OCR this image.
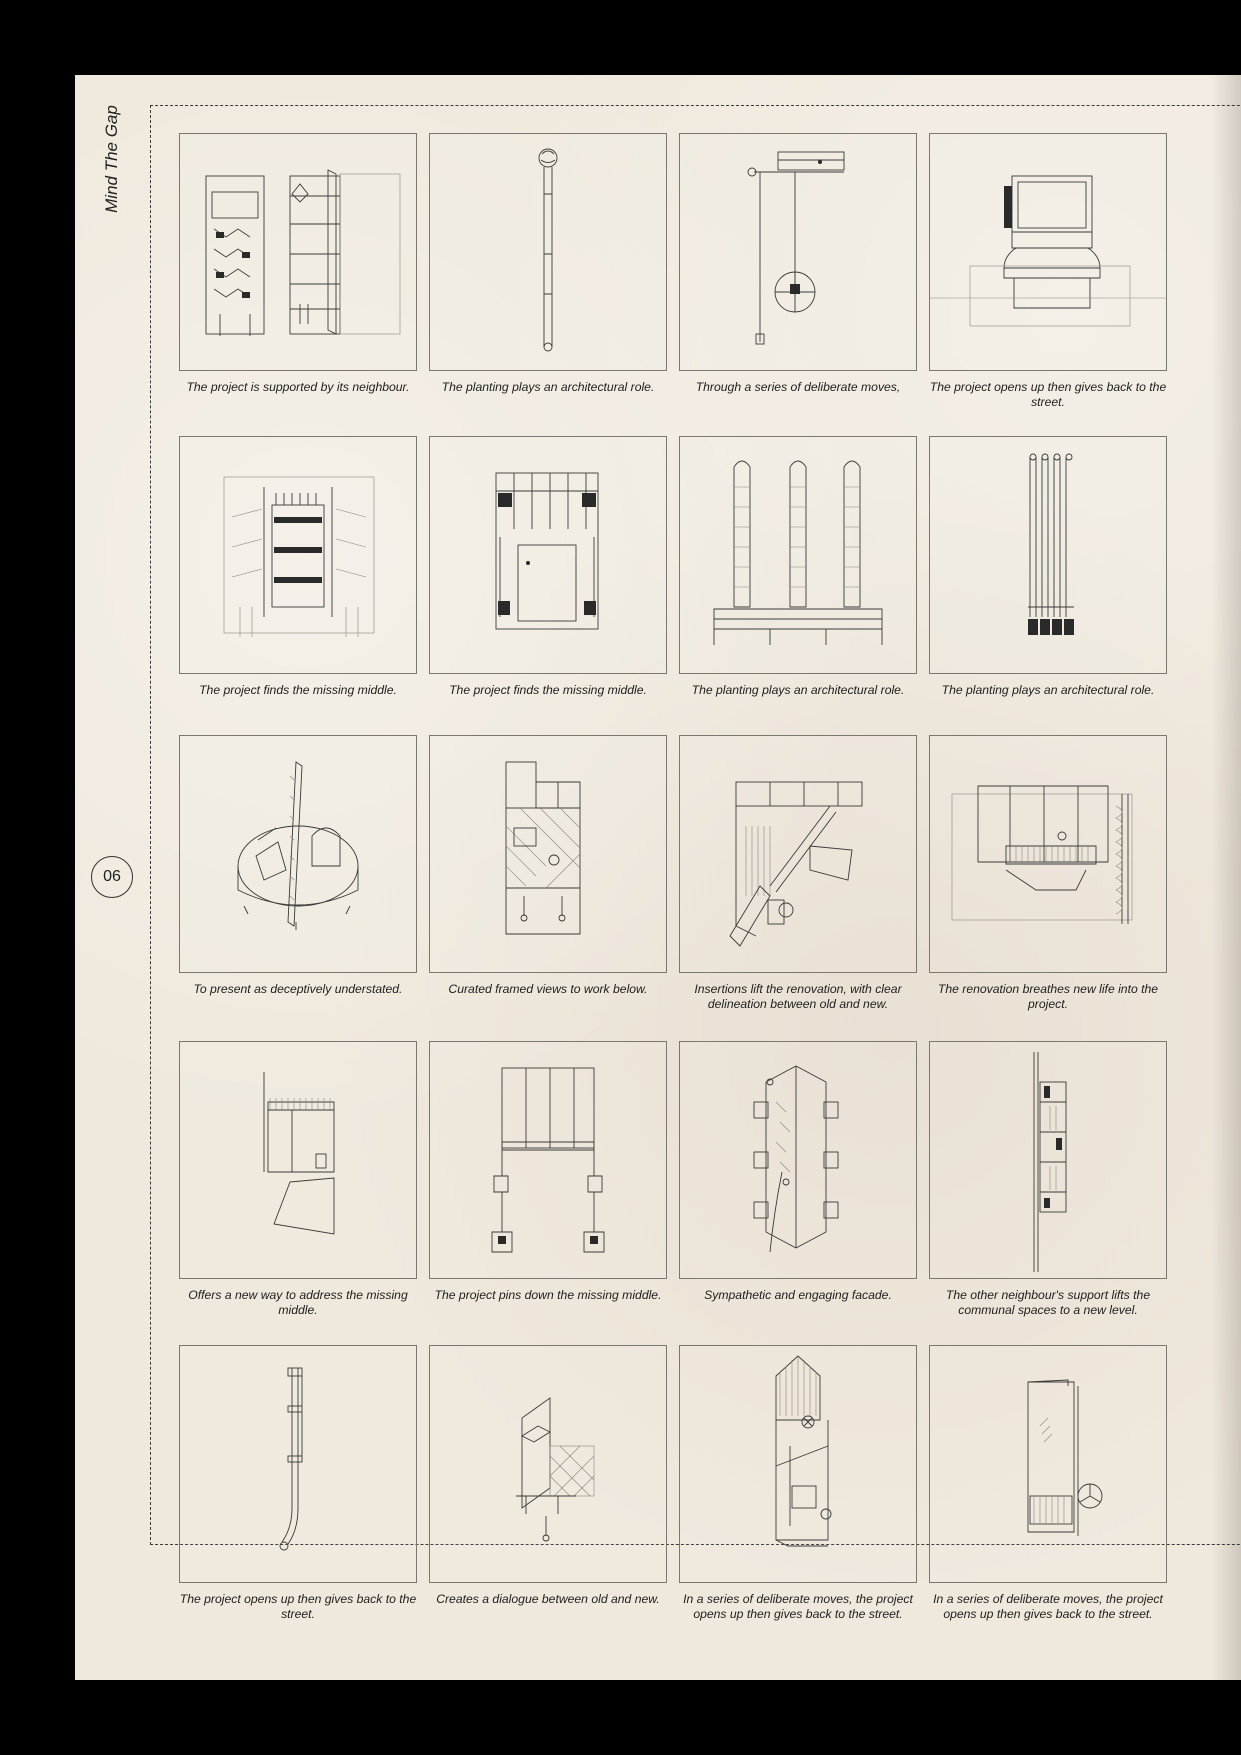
Mind The Gap
06
The project is supported by its neighbour.	The planting plays an architectural role.	Through a series of deliberate moves,	The project opens up then gives back to the street.
The project finds the missing middle.	The project finds the missing middle.	The planting plays an architectural role.	The planting plays an architectural role.
To present as deceptively understated.	Curated framed views to work below.	Insertions lift the renovation, with clear delineation between old and new.
The renovation breathes new life into the project.
Offers a new way to address the missing middle.
The project pins down the missing middle.	Sympathetic and engaging facade.	The other neighbour's support lifts the communal spaces to a new level.
The project opens up then gives back to the street.
Creates a dialogue between old and new.	In a series of deliberate moves, the project opens up then gives back to the street.
In a series of deliberate moves, the project opens up then gives back to the street.
